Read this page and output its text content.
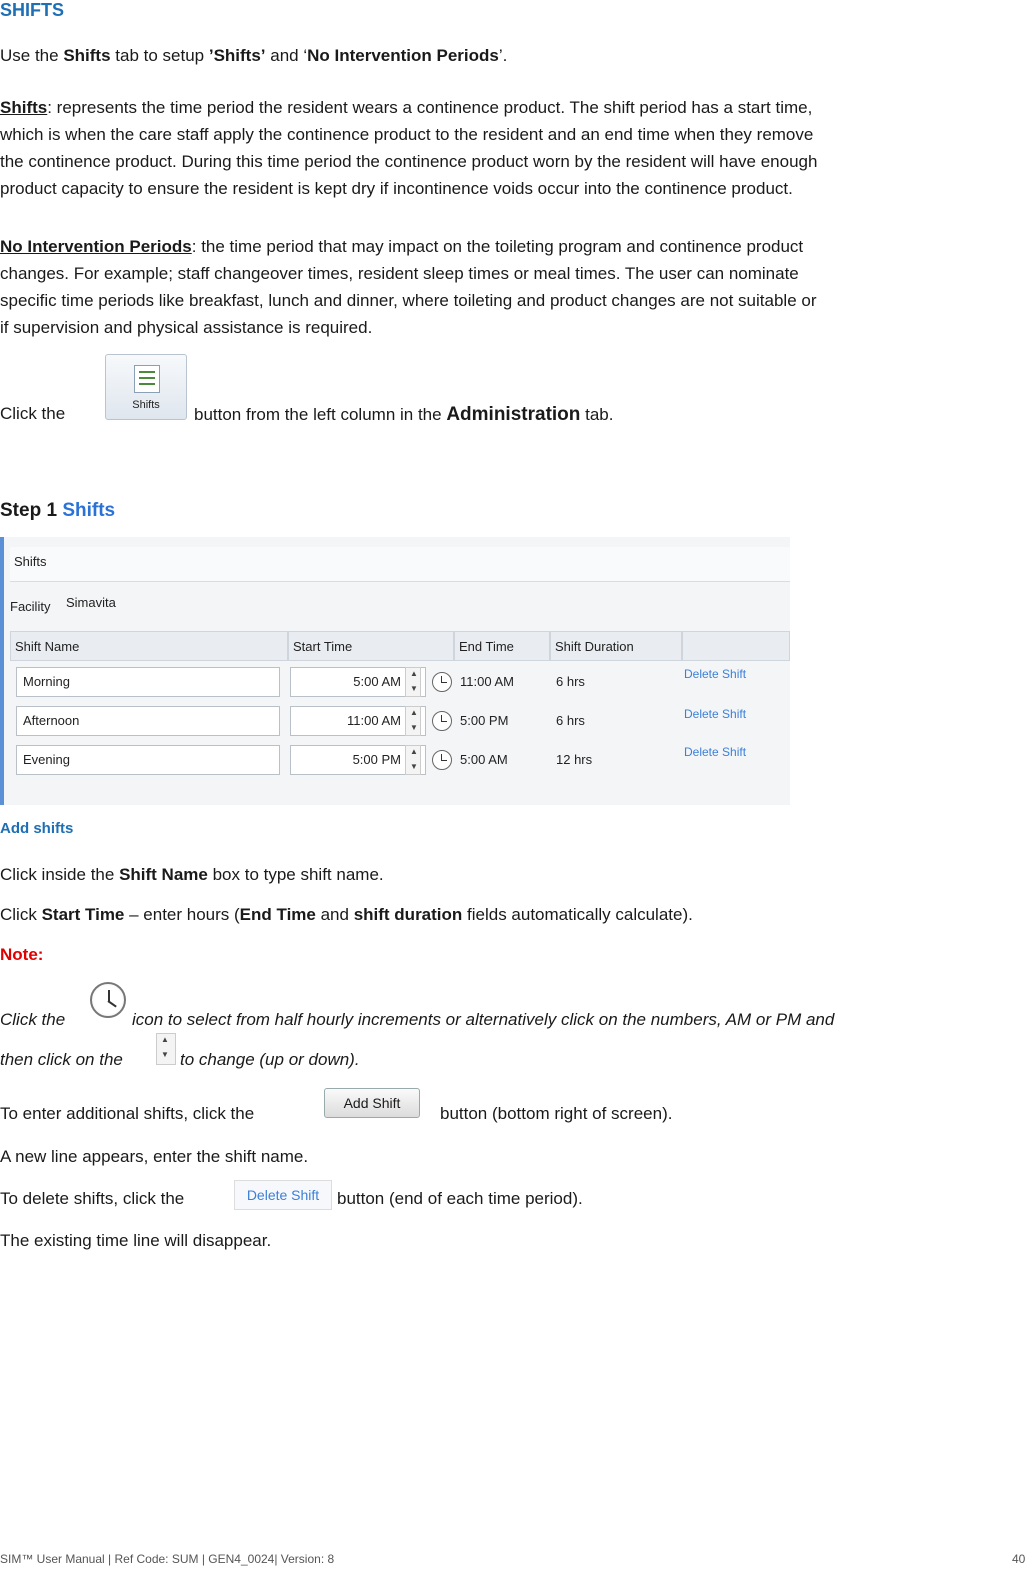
SHIFTS
Use the Shifts tab to setup ’Shifts’ and ‘No Intervention Periods’.
Shifts: represents the time period the resident wears a continence product. The shift period has a start time,
which is when the care staff apply the continence product to the resident and an end time when they remove
the continence product. During this time period the continence product worn by the resident will have enough
product capacity to ensure the resident is kept dry if incontinence voids occur into the continence product.
No Intervention Periods: the time period that may impact on the toileting program and continence product
changes. For example; staff changeover times, resident sleep times or meal times. The user can nominate
specific time periods like breakfast, lunch and dinner, where toileting and product changes are not suitable or
if supervision and physical assistance is required.
Click the	Shifts	button from the left column in the Administration tab.
Step 1 Shifts
Shifts
Facility Simavita
Shift Name	Start Time	End Time	Shift Duration
Morning	5:00 AM ▲ ▼	11:00 AM	6 hrs	Delete Shift
Afternoon	11:00 AM ▲ ▼	5:00 PM	6 hrs	Delete Shift
Evening	5:00 PM ▲ ▼	5:00 AM	12 hrs	Delete Shift
Add shifts
Click inside the Shift Name box to type shift name.
Click Start Time – enter hours (End Time and shift duration fields automatically calculate).
Note:
Click the	icon to select from half hourly increments or alternatively click on the numbers, AM or PM and
then click on the ▲ ▼	to change (up or down).
To enter additional shifts, click the
Add Shift
button (bottom right of screen).
A new line appears, enter the shift name.
To delete shifts, click the	Delete Shift	button (end of each time period).
The existing time line will disappear.
SIM™ User Manual | Ref Code: SUM | GEN4_0024| Version: 8	40
